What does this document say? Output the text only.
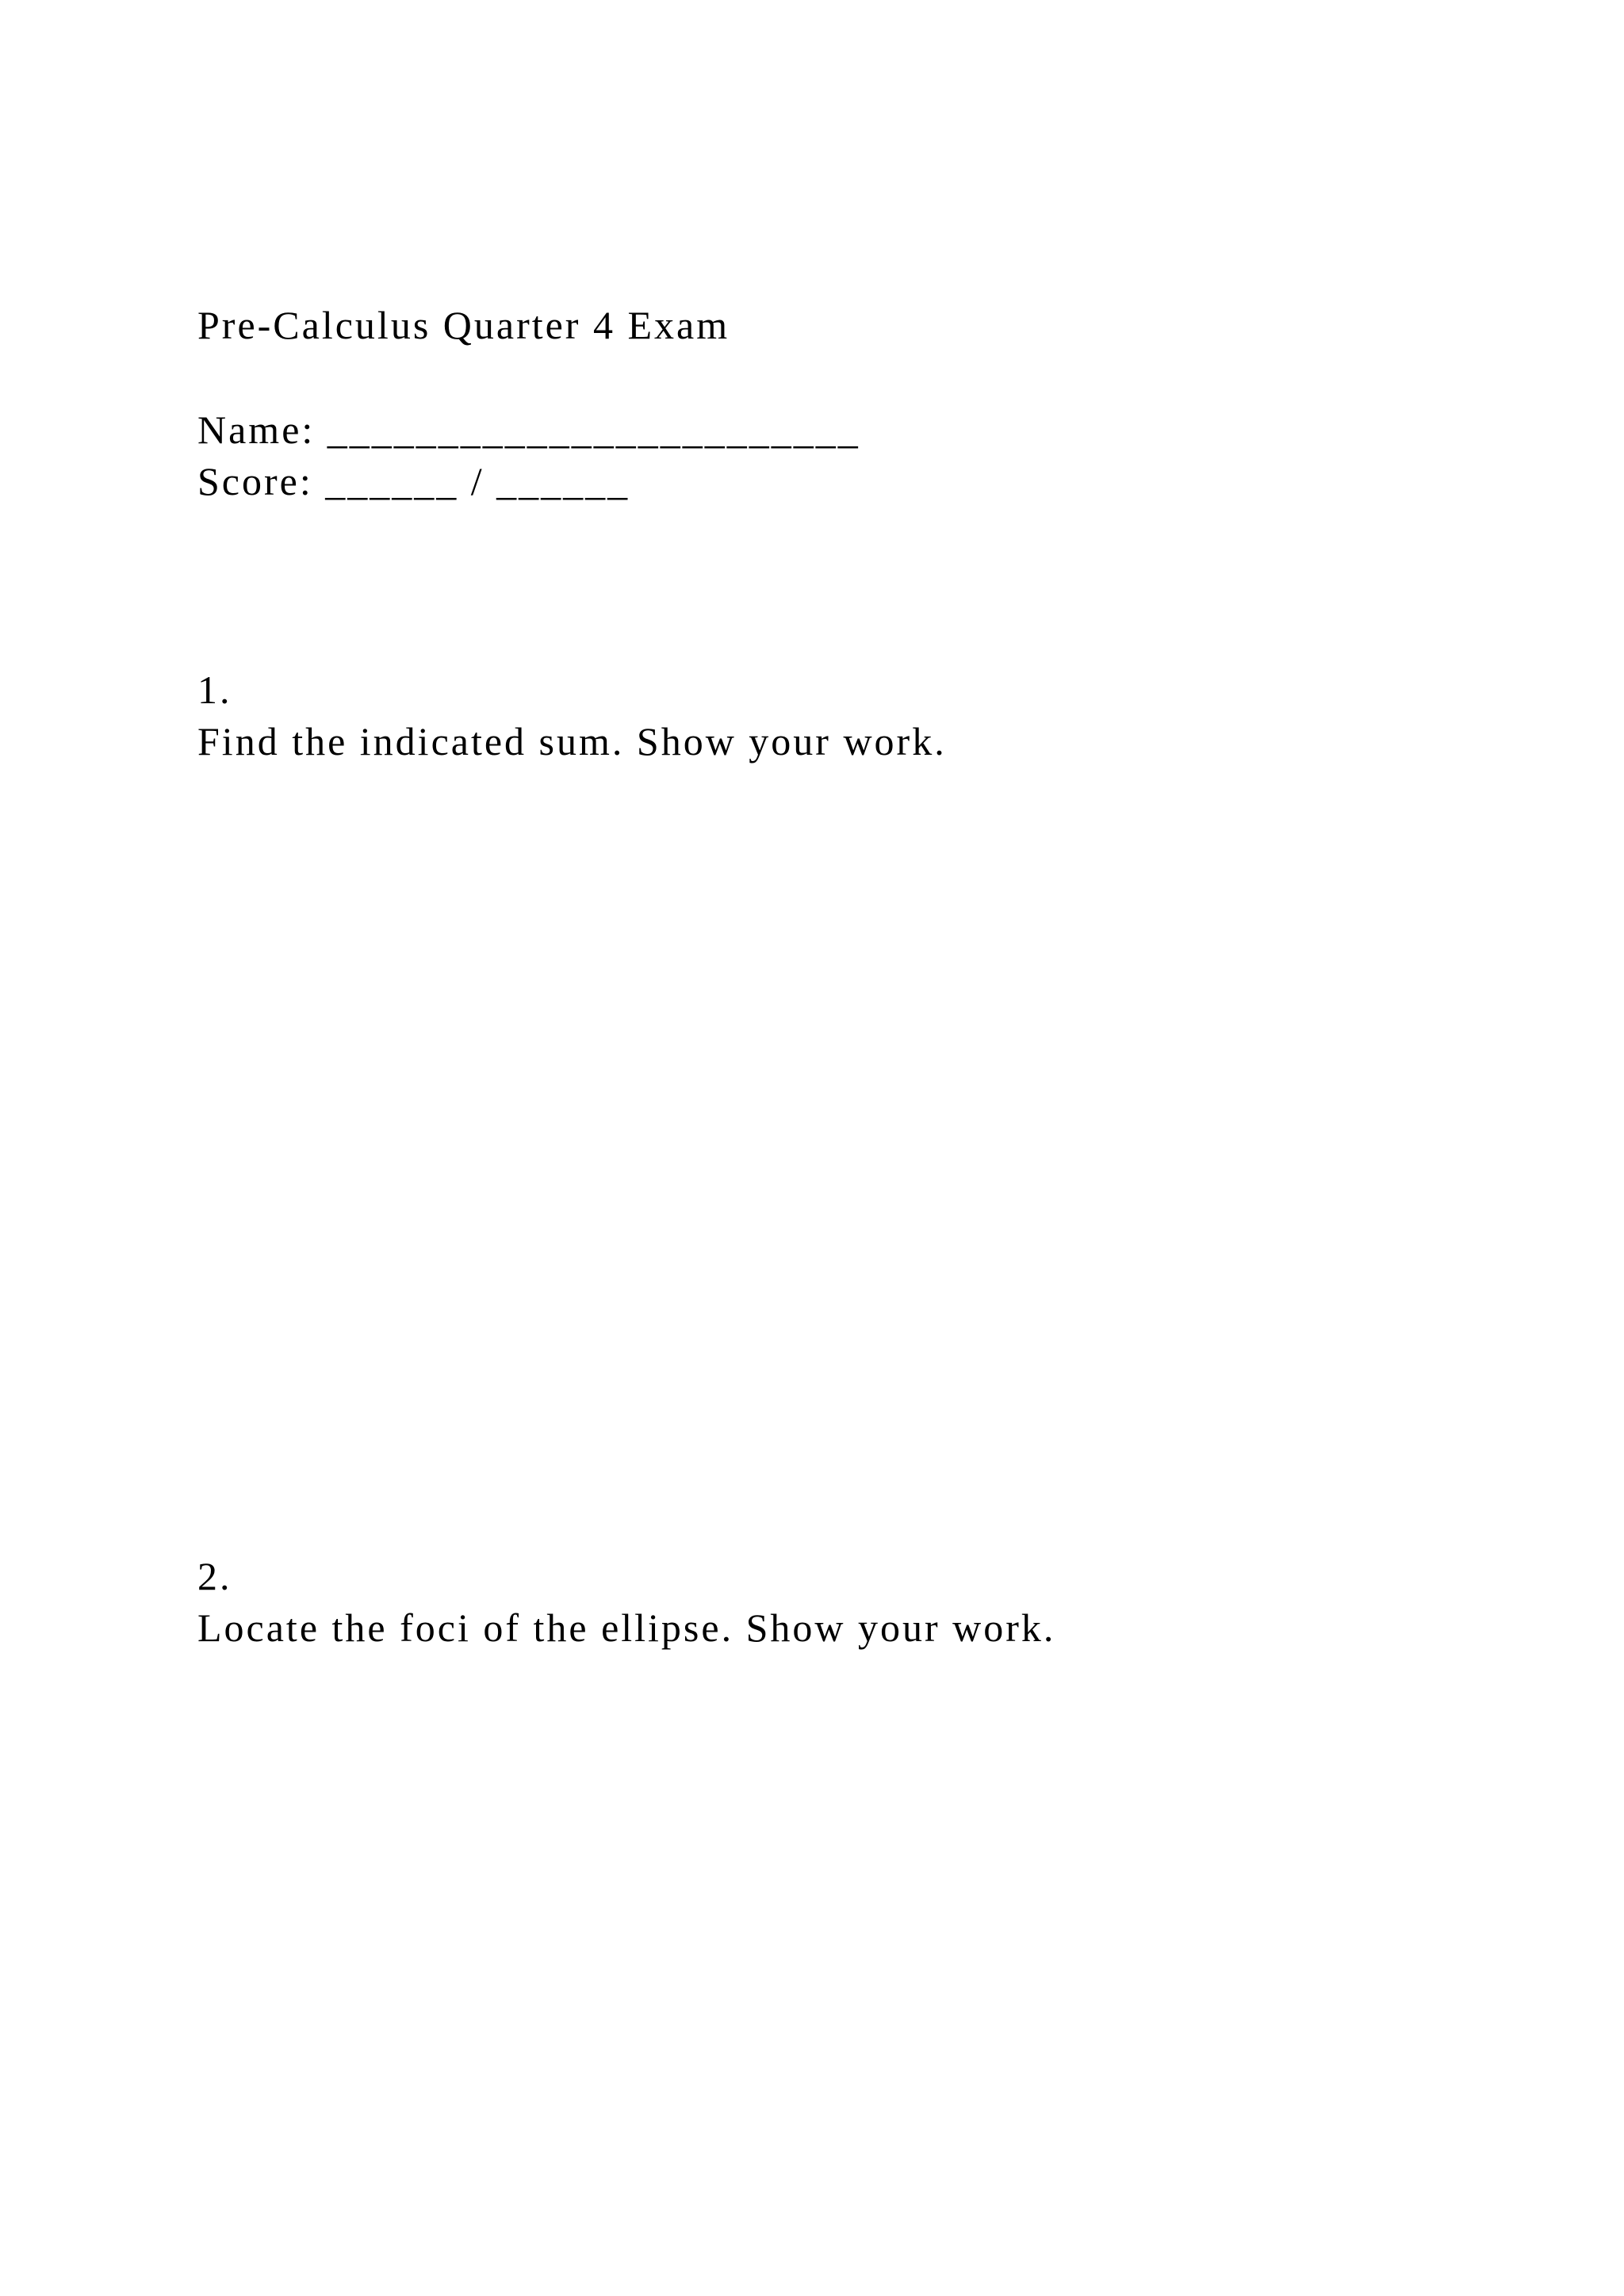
Pre-Calculus Quarter 4 Exam
Name: ________________________
Score: ______ / ______
1.
Find the indicated sum. Show your work.
2.
Locate the foci of the ellipse. Show your work.
